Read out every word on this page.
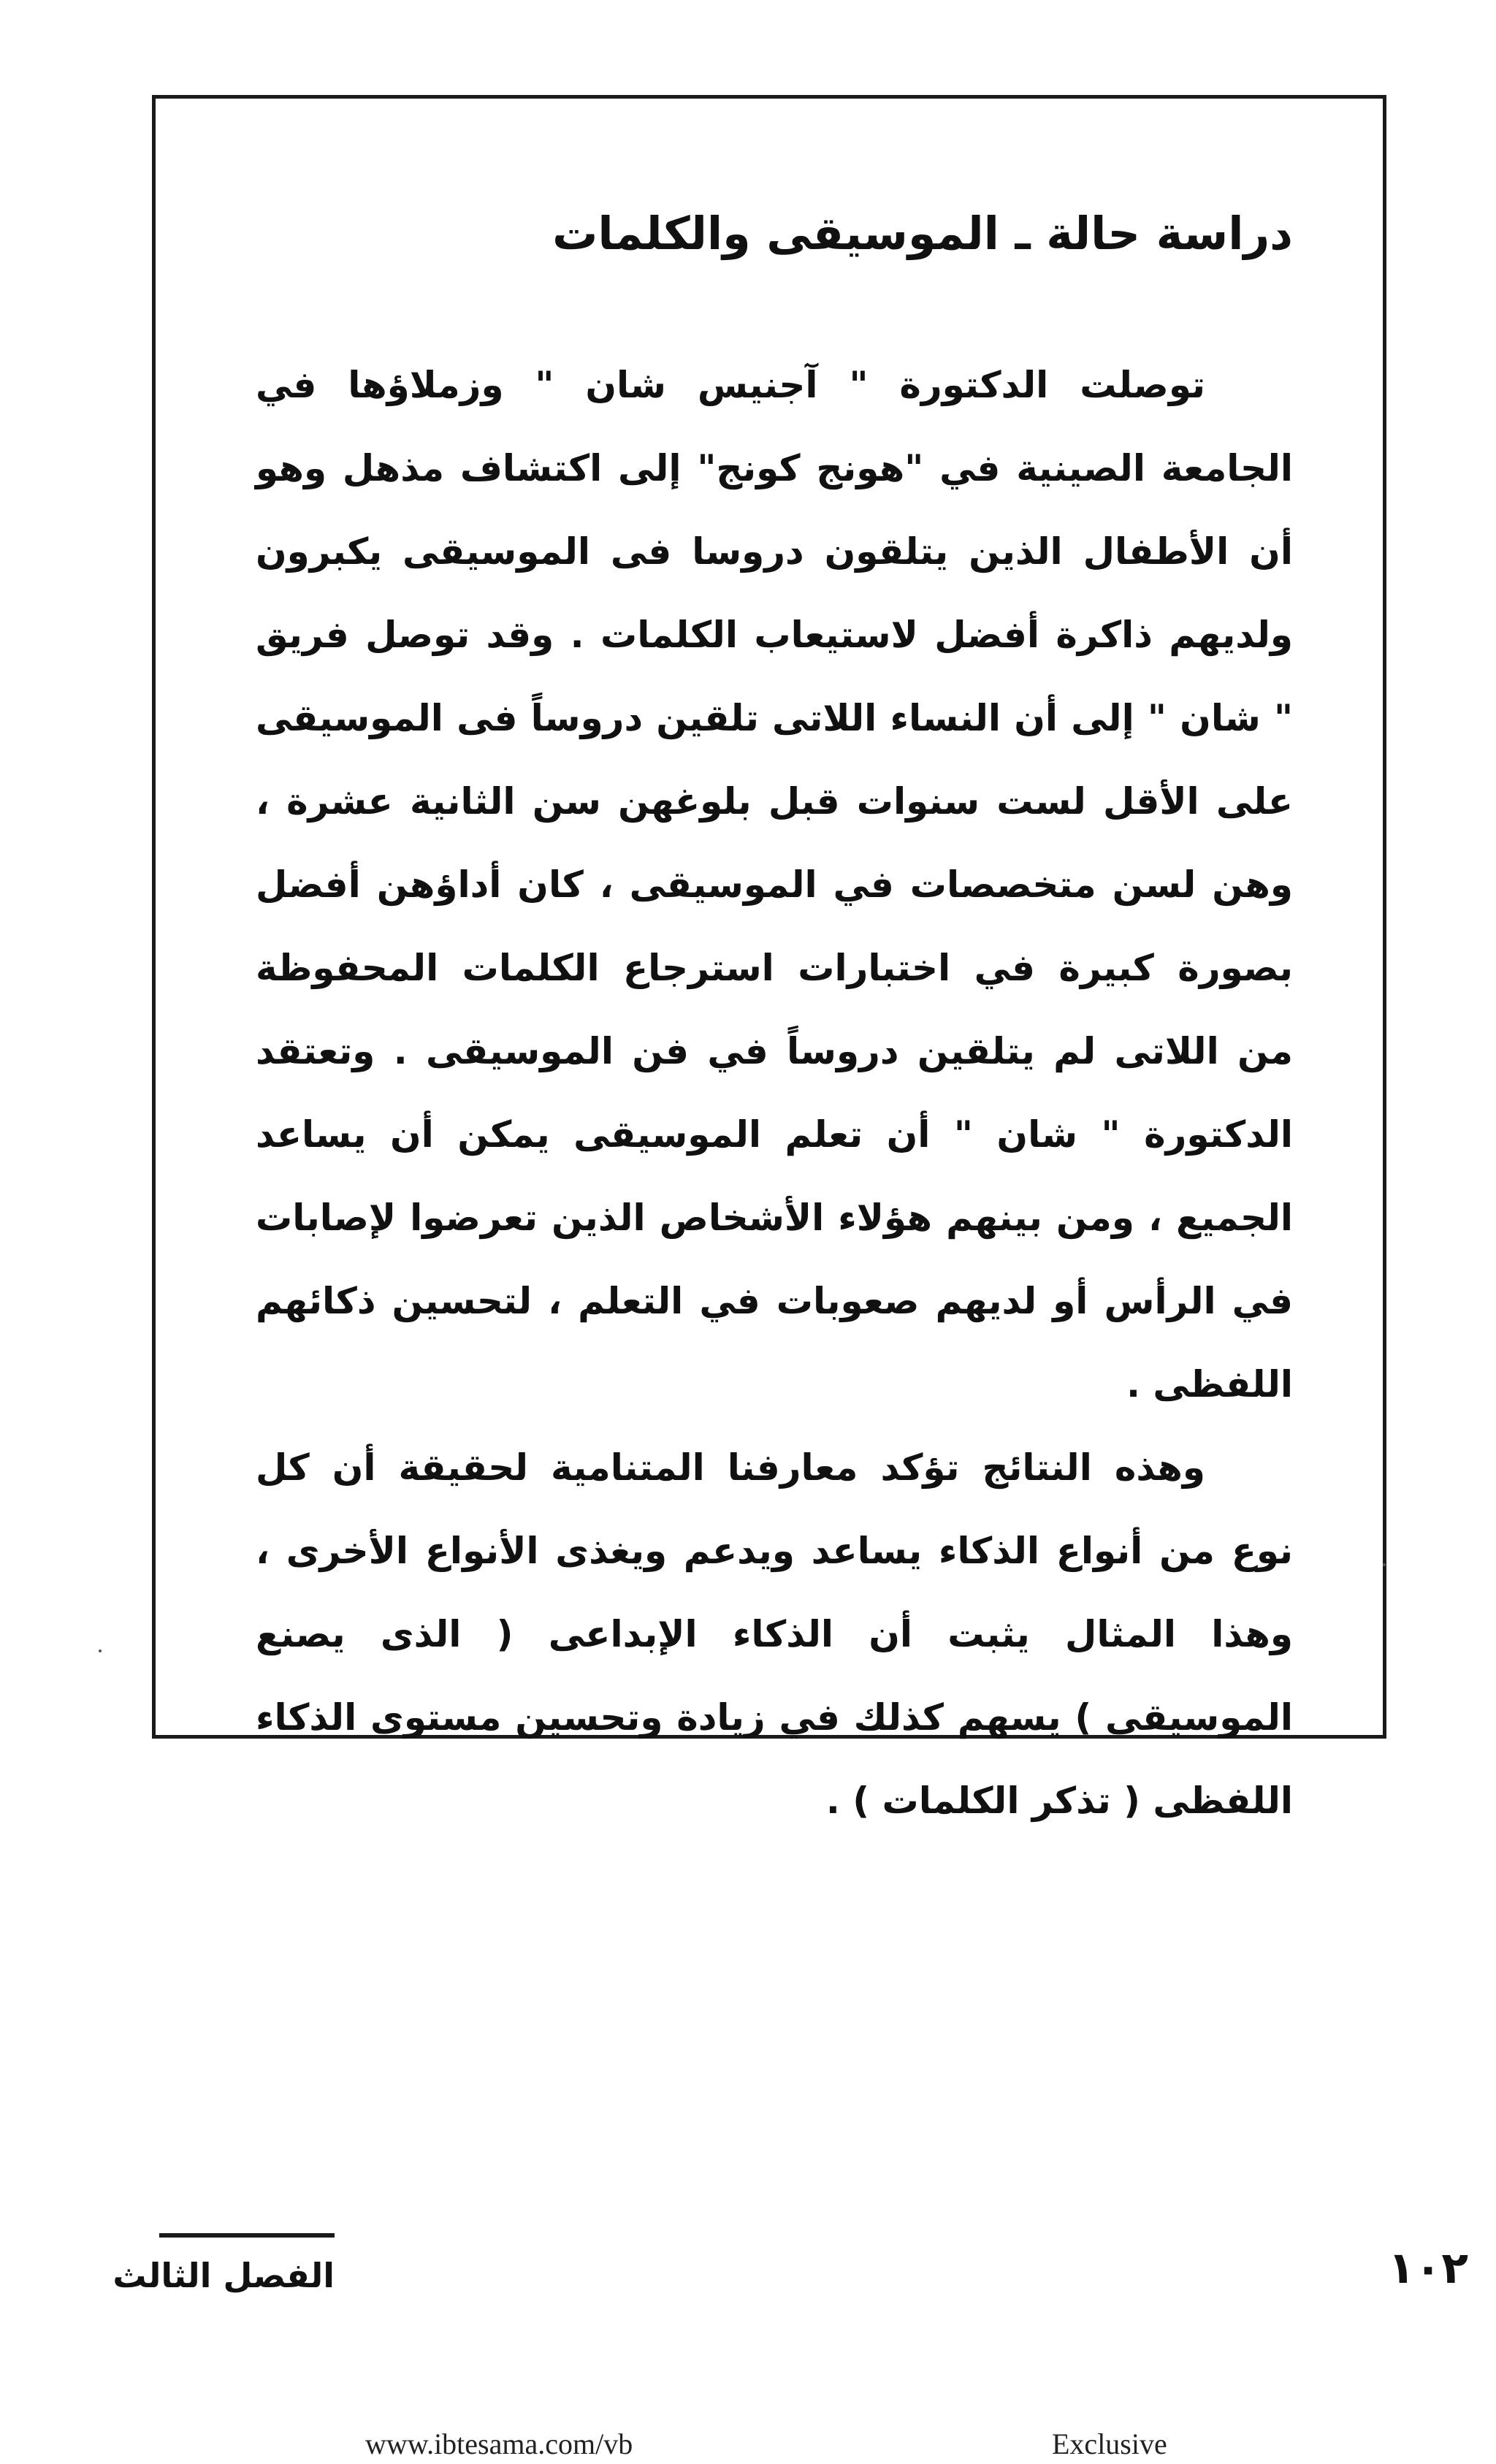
دراسة حالة ـ الموسيقى والكلمات

توصلت الدكتورة " آجنيس شان " وزملاؤها في الجامعة الصينية في "هونج كونج" إلى اكتشاف مذهل وهو أن الأطفال الذين يتلقون دروسا فى الموسيقى يكبرون ولديهم ذاكرة أفضل لاستيعاب الكلمات . وقد توصل فريق " شان " إلى أن النساء اللاتى تلقين دروساً فى الموسيقى على الأقل لست سنوات قبل بلوغهن سن الثانية عشرة ، وهن لسن متخصصات في الموسيقى ، كان أداؤهن أفضل بصورة كبيرة في اختبارات استرجاع الكلمات المحفوظة من اللاتى لم يتلقين دروساً في فن الموسيقى . وتعتقد الدكتورة " شان " أن تعلم الموسيقى يمكن أن يساعد الجميع ، ومن بينهم هؤلاء الأشخاص الذين تعرضوا لإصابات في الرأس أو لديهم صعوبات في التعلم ، لتحسين ذكائهم اللفظى .

وهذه النتائج تؤكد معارفنا المتنامية لحقيقة أن كل نوع من أنواع الذكاء يساعد ويدعم ويغذى الأنواع الأخرى ، وهذا المثال يثبت أن الذكاء الإبداعى ( الذى يصنع الموسيقى ) يسهم كذلك في زيادة وتحسين مستوى الذكاء اللفظى ( تذكر الكلمات ) .

الفصل الثالث	١٠٢
www.ibtesama.com/vb	Exclusive
